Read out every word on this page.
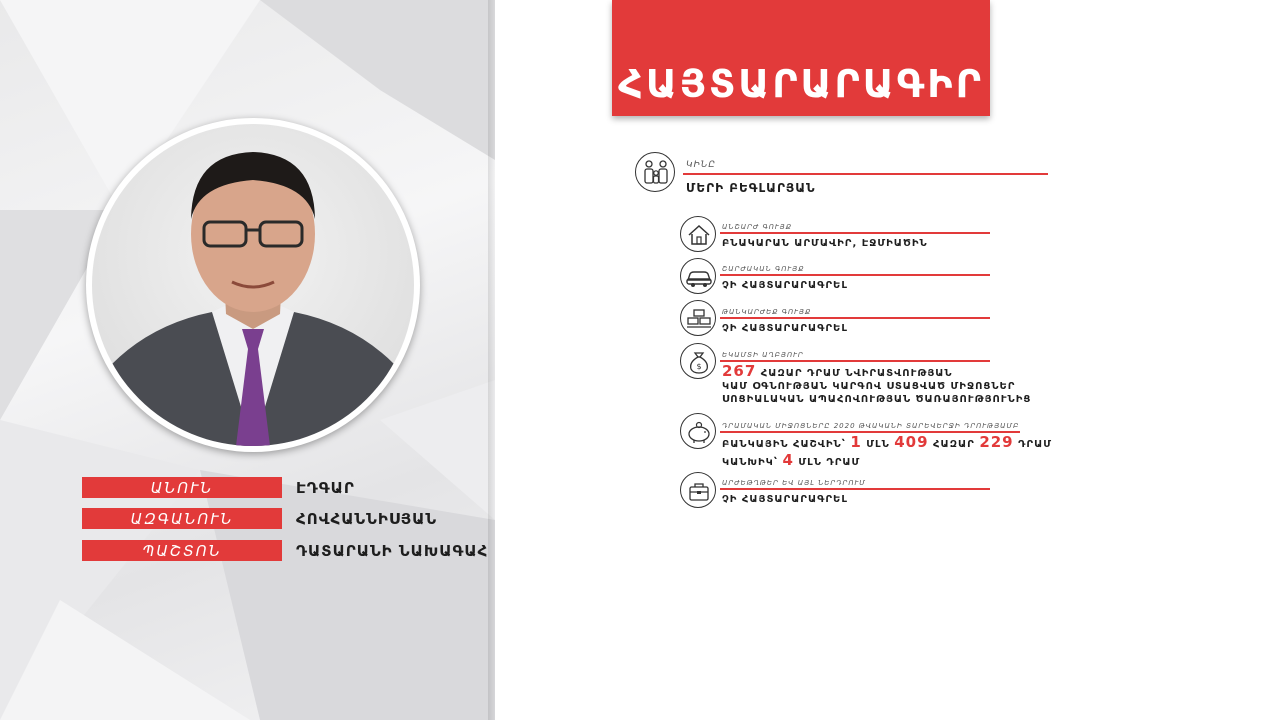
ԱՆՈՒՆ	ԷԴԳԱՐ
ԱԶԳԱՆՈՒՆ	ՀՈՎՀԱՆՆԻՍՅԱՆ
ՊԱՇՏՈՆ	ԴԱՏԱՐԱՆԻ ՆԱԽԱԳԱՀ
ՀԱՅՏԱՐԱՐԱԳԻՐ
ԿԻՆԸ
ՄԵՐԻ ԲԵԳԼԱՐՅԱՆ
ԱՆՇԱՐԺ ԳՈՒՅՔ
ԲՆԱԿԱՐԱՆ ԱՐՄԱՎԻՐ, ԷՋՄԻԱԾԻՆ
ՇԱՐԺԱԿԱՆ ԳՈՒՅՔ
ՉԻ ՀԱՅՏԱՐԱՐԱԳՐԵԼ
ԹԱՆԿԱՐԺԵՔ ԳՈՒՅՔ
ՉԻ ՀԱՅՏԱՐԱՐԱԳՐԵԼ
$
ԵԿԱՄՏԻ ԱՂԲՅՈՒՐ
267 ՀԱԶԱՐ ԴՐԱՄ ՆՎԻՐԱՏՎՈՒԹՅԱՆ
ԿԱՄ ՕԳՆՈՒԹՅԱՆ ԿԱՐԳՈՎ ՍՏԱՑՎԱԾ ՄԻՋՈՑՆԵՐ
ՍՈՑԻԱԼԱԿԱՆ ԱՊԱՀՈՎՈՒԹՅԱՆ ԾԱՌԱՅՈՒԹՅՈՒՆԻՑ
ԴՐԱՄԱԿԱՆ ՄԻՋՈՑՆԵՐԸ 2020 ԹՎԱԿԱՆԻ ՏԱՐԵՎԵՐՋԻ ԴՐՈՒԹՅԱՄԲ
ԲԱՆԿԱՅԻՆ ՀԱՇՎԻՆ՝ 1 ՄԼՆ 409 ՀԱԶԱՐ 229 ԴՐԱՄ
ԿԱՆԽԻԿ՝ 4 ՄԼՆ ԴՐԱՄ
ԱՐԺԵԹՂԹԵՐ ԵՎ ԱՅԼ ՆԵՐԴՐՈՒՄ
ՉԻ ՀԱՅՏԱՐԱՐԱԳՐԵԼ
